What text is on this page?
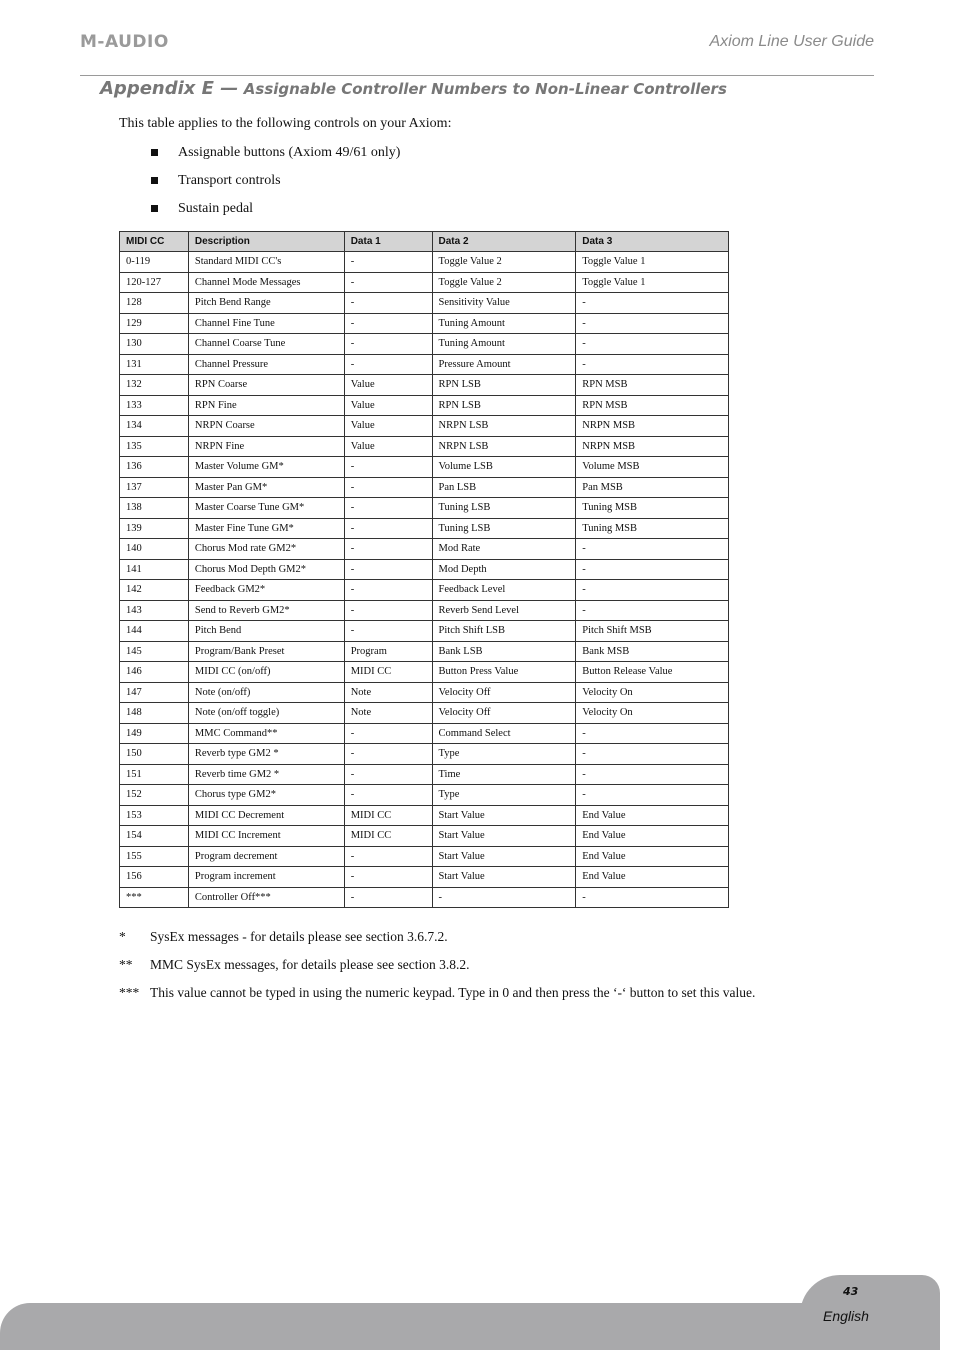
M-AUDIO	Axiom Line User Guide
Appendix E — Assignable Controller Numbers to Non-Linear Controllers
This table applies to the following controls on your Axiom:
Assignable buttons (Axiom 49/61 only)
Transport controls
Sustain pedal
MIDI CC	Description	Data 1	Data 2	Data 3
0-119	Standard MIDI CC's	-	Toggle Value 2	Toggle Value 1
120-127	Channel Mode Messages	-	Toggle Value 2	Toggle Value 1
128	Pitch Bend Range	-	Sensitivity Value	-
129	Channel Fine Tune	-	Tuning Amount	-
130	Channel Coarse Tune	-	Tuning Amount	-
131	Channel Pressure	-	Pressure Amount	-
132	RPN Coarse	Value	RPN LSB	RPN MSB
133	RPN Fine	Value	RPN LSB	RPN MSB
134	NRPN Coarse	Value	NRPN LSB	NRPN MSB
135	NRPN Fine	Value	NRPN LSB	NRPN MSB
136	Master Volume GM*	-	Volume LSB	Volume MSB
137	Master Pan GM*	-	Pan LSB	Pan MSB
138	Master Coarse Tune GM*	-	Tuning LSB	Tuning MSB
139	Master Fine Tune GM*	-	Tuning LSB	Tuning MSB
140	Chorus Mod rate GM2*	-	Mod Rate	-
141	Chorus Mod Depth GM2*	-	Mod Depth	-
142	Feedback GM2*	-	Feedback Level	-
143	Send to Reverb GM2*	-	Reverb Send Level	-
144	Pitch Bend	-	Pitch Shift LSB	Pitch Shift MSB
145	Program/Bank Preset	Program	Bank LSB	Bank MSB
146	MIDI CC (on/off)	MIDI CC	Button Press Value	Button Release Value
147	Note (on/off)	Note	Velocity Off	Velocity On
148	Note (on/off toggle)	Note	Velocity Off	Velocity On
149	MMC Command**	-	Command Select	-
150	Reverb type GM2 *	-	Type	-
151	Reverb time GM2 *	-	Time	-
152	Chorus type GM2*	-	Type	-
153	MIDI CC Decrement	MIDI CC	Start Value	End Value
154	MIDI CC Increment	MIDI CC	Start Value	End Value
155	Program decrement	-	Start Value	End Value
156	Program increment	-	Start Value	End Value
***	Controller Off***	-	-	-
*	SysEx messages - for details please see section 3.6.7.2.
**	MMC SysEx messages, for details please see section 3.8.2.
*** This value cannot be typed in using the numeric keypad. Type in 0 and then press the ‘-‘ button to set this value.
43
English
